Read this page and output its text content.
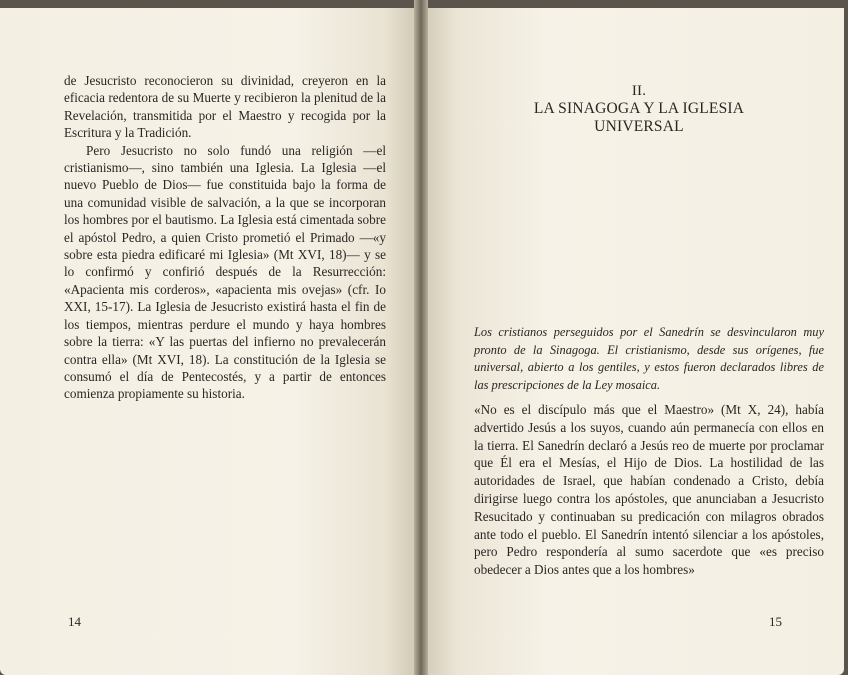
de Jesucristo reconocieron su divinidad, creyeron en la eficacia redentora de su Muerte y recibieron la plenitud de la Revelación, transmitida por el Maestro y recogida por la Escritura y la Tradición.

Pero Jesucristo no solo fundó una religión —el cristianismo—, sino también una Iglesia. La Iglesia —el nuevo Pueblo de Dios— fue constituida bajo la forma de una comunidad visible de salvación, a la que se incorporan los hombres por el bautismo. La Iglesia está cimentada sobre el apóstol Pedro, a quien Cristo prometió el Primado —«y sobre esta piedra edificaré mi Iglesia» (Mt XVI, 18)— y se lo confirmó y confirió después de la Resurrección: «Apacienta mis corderos», «apacienta mis ovejas» (cfr. Io XXI, 15-17). La Iglesia de Jesucristo existirá hasta el fin de los tiempos, mientras perdure el mundo y haya hombres sobre la tierra: «Y las puertas del infierno no prevalecerán contra ella» (Mt XVI, 18). La constitución de la Iglesia se consumó el día de Pentecostés, y a partir de entonces comienza propiamente su historia.

14
II.
LA SINAGOGA Y LA IGLESIA
UNIVERSAL
Los cristianos perseguidos por el Sanedrín se desvincularon muy pronto de la Sinagoga. El cristianismo, desde sus orígenes, fue universal, abierto a los gentiles, y estos fueron declarados libres de las prescripciones de la Ley mosaica.

«No es el discípulo más que el Maestro» (Mt X, 24), había advertido Jesús a los suyos, cuando aún permanecía con ellos en la tierra. El Sanedrín declaró a Jesús reo de muerte por proclamar que Él era el Mesías, el Hijo de Dios. La hostilidad de las autoridades de Israel, que habían condenado a Cristo, debía dirigirse luego contra los apóstoles, que anunciaban a Jesucristo Resucitado y continuaban su predicación con milagros obrados ante todo el pueblo. El Sanedrín intentó silenciar a los apóstoles, pero Pedro respondería al sumo sacerdote que «es preciso obedecer a Dios antes que a los hombres»

15
